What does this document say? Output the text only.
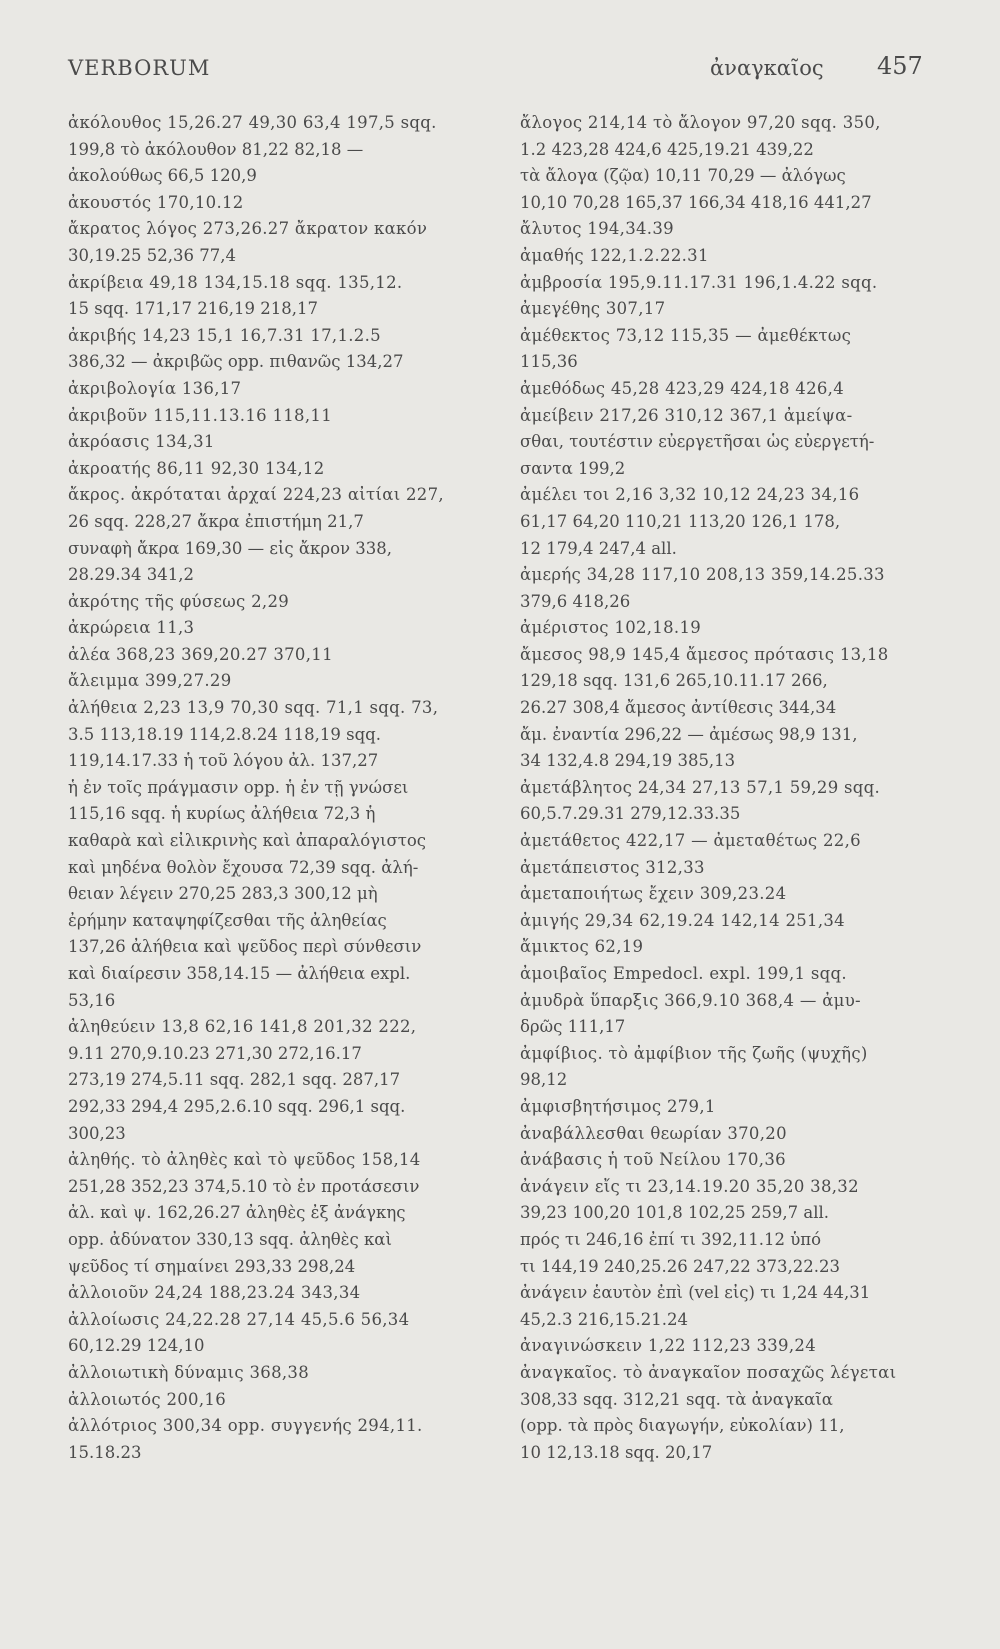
VERBORUM	ἀναγκαῖος 457
ἀκόλουθος 15,26.27 49,30 63,4 197,5 sqq.
199,8 τὸ ἀκόλουθον 81,22 82,18 —
ἀκολούθως 66,5 120,9
ἀκουστός 170,10.12
ἄκρατος λόγος 273,26.27 ἄκρατον κακόν
30,19.25 52,36 77,4
ἀκρίβεια 49,18 134,15.18 sqq. 135,12.
15 sqq. 171,17 216,19 218,17
ἀκριβής 14,23 15,1 16,7.31 17,1.2.5
386,32 — ἀκριβῶς opp. πιθανῶς 134,27
ἀκριβολογία 136,17
ἀκριβοῦν 115,11.13.16 118,11
ἀκρόασις 134,31
ἀκροατής 86,11 92,30 134,12
ἄκρος. ἀκρόταται ἀρχαί 224,23 αἰτίαι 227,
26 sqq. 228,27 ἄκρα ἐπιστήμη 21,7
συναφὴ ἄκρα 169,30 — εἰς ἄκρον 338,
28.29.34 341,2
ἀκρότης τῆς φύσεως 2,29
ἀκρώρεια 11,3
ἀλέα 368,23 369,20.27 370,11
ἄλειμμα 399,27.29
ἀλήθεια 2,23 13,9 70,30 sqq. 71,1 sqq. 73,
3.5 113,18.19 114,2.8.24 118,19 sqq.
119,14.17.33 ἡ τοῦ λόγου ἀλ. 137,27
ἡ ἐν τοῖς πράγμασιν opp. ἡ ἐν τῇ γνώσει
115,16 sqq. ἡ κυρίως ἀλήθεια 72,3 ἡ
καθαρὰ καὶ εἰλικρινὴς καὶ ἀπαραλόγιστος
καὶ μηδένα θολὸν ἔχουσα 72,39 sqq. ἀλή-
θειαν λέγειν 270,25 283,3 300,12 μὴ
ἐρήμην καταψηφίζεσθαι τῆς ἀληθείας
137,26 ἀλήθεια καὶ ψεῦδος περὶ σύνθεσιν
καὶ διαίρεσιν 358,14.15 — ἀλήθεια expl.
53,16
ἀληθεύειν 13,8 62,16 141,8 201,32 222,
9.11 270,9.10.23 271,30 272,16.17
273,19 274,5.11 sqq. 282,1 sqq. 287,17
292,33 294,4 295,2.6.10 sqq. 296,1 sqq.
300,23
ἀληθής. τὸ ἀληθὲς καὶ τὸ ψεῦδος 158,14
251,28 352,23 374,5.10 τὸ ἐν προτάσεσιν
ἀλ. καὶ ψ. 162,26.27 ἀληθὲς ἐξ ἀνάγκης
opp. ἀδύνατον 330,13 sqq. ἀληθὲς καὶ
ψεῦδος τί σημαίνει 293,33 298,24
ἀλλοιοῦν 24,24 188,23.24 343,34
ἀλλοίωσις 24,22.28 27,14 45,5.6 56,34
60,12.29 124,10
ἀλλοιωτικὴ δύναμις 368,38
ἀλλοιωτός 200,16
ἀλλότριος 300,34 opp. συγγενής 294,11.
15.18.23
ἄλογος 214,14 τὸ ἄλογον 97,20 sqq. 350,
1.2 423,28 424,6 425,19.21 439,22
τὰ ἄλογα (ζῷα) 10,11 70,29 — ἀλόγως
10,10 70,28 165,37 166,34 418,16 441,27
ἄλυτος 194,34.39
ἀμαθής 122,1.2.22.31
ἀμβροσία 195,9.11.17.31 196,1.4.22 sqq.
ἀμεγέθης 307,17
ἀμέθεκτος 73,12 115,35 — ἀμεθέκτως
115,36
ἀμεθόδως 45,28 423,29 424,18 426,4
ἀμείβειν 217,26 310,12 367,1 ἀμείψα-
σθαι, τουτέστιν εὐεργετῆσαι ὡς εὐεργετή-
σαντα 199,2
ἀμέλει τοι 2,16 3,32 10,12 24,23 34,16
61,17 64,20 110,21 113,20 126,1 178,
12 179,4 247,4 all.
ἀμερής 34,28 117,10 208,13 359,14.25.33
379,6 418,26
ἀμέριστος 102,18.19
ἄμεσος 98,9 145,4 ἄμεσος πρότασις 13,18
129,18 sqq. 131,6 265,10.11.17 266,
26.27 308,4 ἄμεσος ἀντίθεσις 344,34
ἄμ. ἐναντία 296,22 — ἀμέσως 98,9 131,
34 132,4.8 294,19 385,13
ἀμετάβλητος 24,34 27,13 57,1 59,29 sqq.
60,5.7.29.31 279,12.33.35
ἀμετάθετος 422,17 — ἀμεταθέτως 22,6
ἀμετάπειστος 312,33
ἀμεταποιήτως ἔχειν 309,23.24
ἀμιγής 29,34 62,19.24 142,14 251,34
ἄμικτος 62,19
ἀμοιβαῖος Empedocl. expl. 199,1 sqq.
ἀμυδρὰ ὕπαρξις 366,9.10 368,4 — ἀμυ-
δρῶς 111,17
ἀμφίβιος. τὸ ἀμφίβιον τῆς ζωῆς (ψυχῆς)
98,12
ἀμφισβητήσιμος 279,1
ἀναβάλλεσθαι θεωρίαν 370,20
ἀνάβασις ἡ τοῦ Νείλου 170,36
ἀνάγειν εἴς τι 23,14.19.20 35,20 38,32
39,23 100,20 101,8 102,25 259,7 all.
πρός τι 246,16 ἐπί τι 392,11.12 ὑπό
τι 144,19 240,25.26 247,22 373,22.23
ἀνάγειν ἑαυτὸν ἐπὶ (vel εἰς) τι 1,24 44,31
45,2.3 216,15.21.24
ἀναγινώσκειν 1,22 112,23 339,24
ἀναγκαῖος. τὸ ἀναγκαῖον ποσαχῶς λέγεται
308,33 sqq. 312,21 sqq. τὰ ἀναγκαῖα
(opp. τὰ πρὸς διαγωγήν, εὐκολίαν) 11,
10 12,13.18 sqq. 20,17
